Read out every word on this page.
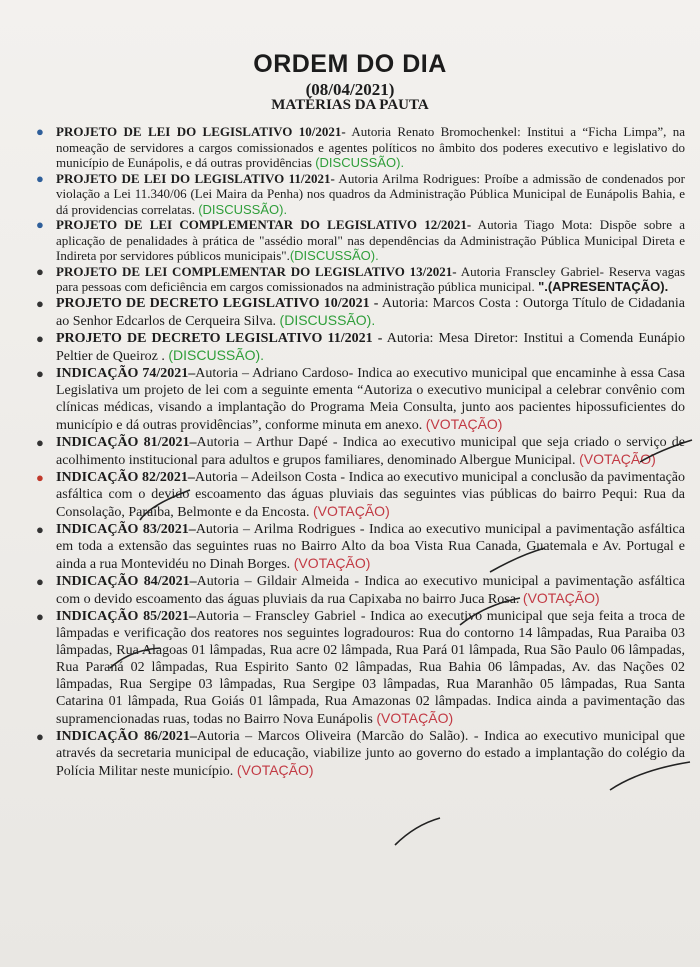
ORDEM DO DIA
(08/04/2021)
MATÉRIAS DA PAUTA
● PROJETO DE LEI DO LEGISLATIVO 10/2021- Autoria Renato Bromochenkel: Institui a “Ficha Limpa”, na nomeação de servidores a cargos comissionados e agentes políticos no âmbito dos poderes executivo e legislativo do município de Eunápolis, e dá outras providências (DISCUSSÃO).
● PROJETO DE LEI DO LEGISLATIVO 11/2021- Autoria Arilma Rodrigues: Proíbe a admissão de condenados por violação a Lei 11.340/06 (Lei Maira da Penha) nos quadros da Administração Pública Municipal de Eunápolis Bahia, e dá providencias correlatas. (DISCUSSÃO).
● PROJETO DE LEI COMPLEMENTAR DO LEGISLATIVO 12/2021- Autoria Tiago Mota: Dispõe sobre a aplicação de penalidades à prática de "assédio moral" nas dependências da Administração Pública Municipal Direta e Indireta por servidores públicos municipais".(DISCUSSÃO).
● PROJETO DE LEI COMPLEMENTAR DO LEGISLATIVO 13/2021- Autoria Franscley Gabriel- Reserva vagas para pessoas com deficiência em cargos comissionados na administração pública municipal. ".(APRESENTAÇÃO).
● PROJETO DE DECRETO LEGISLATIVO 10/2021 - Autoria: Marcos Costa : Outorga Título de Cidadania ao Senhor Edcarlos de Cerqueira Silva. (DISCUSSÃO).
● PROJETO DE DECRETO LEGISLATIVO 11/2021 - Autoria: Mesa Diretor: Institui a Comenda Eunápio Peltier de Queiroz . (DISCUSSÃO).
● INDICAÇÃO 74/2021–Autoria – Adriano Cardoso- Indica ao executivo municipal que encaminhe à essa Casa Legislativa um projeto de lei com a seguinte ementa “Autoriza o executivo municipal a celebrar convênio com clínicas médicas, visando a implantação do Programa Meia Consulta, junto aos pacientes hipossuficientes do município e dá outras providências”, conforme minuta em anexo. (VOTAÇÃO)
● INDICAÇÃO 81/2021–Autoria – Arthur Dapé - Indica ao executivo municipal que seja criado o serviço de acolhimento institucional para adultos e grupos familiares, denominado Albergue Municipal. (VOTAÇÃO)
● INDICAÇÃO 82/2021–Autoria – Adeilson Costa - Indica ao executivo municipal a conclusão da pavimentação asfáltica com o devido escoamento das águas pluviais das seguintes vias públicas do bairro Pequi: Rua da Consolação, Paraíba, Belmonte e da Encosta. (VOTAÇÃO)
● INDICAÇÃO 83/2021–Autoria – Arilma Rodrigues - Indica ao executivo municipal a pavimentação asfáltica em toda a extensão das seguintes ruas no Bairro Alto da boa Vista Rua Canada, Guatemala e Av. Portugal e ainda a rua Montevidéu no Dinah Borges. (VOTAÇÃO)
● INDICAÇÃO 84/2021–Autoria – Gildair Almeida - Indica ao executivo municipal a pavimentação asfáltica com o devido escoamento das águas pluviais da rua Capixaba no bairro Juca Rosa. (VOTAÇÃO)
● INDICAÇÃO 85/2021–Autoria – Franscley Gabriel - Indica ao executivo municipal que seja feita a troca de lâmpadas e verificação dos reatores nos seguintes logradouros: Rua do contorno 14 lâmpadas, Rua Paraiba 03 lâmpadas, Rua Alagoas 01 lâmpadas, Rua acre 02 lâmpada, Rua Pará 01 lâmpada, Rua São Paulo 06 lâmpadas, Rua Paraná 02 lâmpadas, Rua Espirito Santo 02 lâmpadas, Rua Bahia 06 lâmpadas, Av. das Nações 02 lâmpadas, Rua Sergipe 03 lâmpadas, Rua Sergipe 03 lâmpadas, Rua Maranhão 05 lâmpadas, Rua Santa Catarina 01 lâmpada, Rua Goiás 01 lâmpada, Rua Amazonas 02 lâmpadas. Indica ainda a pavimentação das supramencionadas ruas, todas no Bairro Nova Eunápolis (VOTAÇÃO)
● INDICAÇÃO 86/2021–Autoria – Marcos Oliveira (Marcão do Salão). - Indica ao executivo municipal que através da secretaria municipal de educação, viabilize junto ao governo do estado a implantação do colégio da Polícia Militar neste município. (VOTAÇÃO)
